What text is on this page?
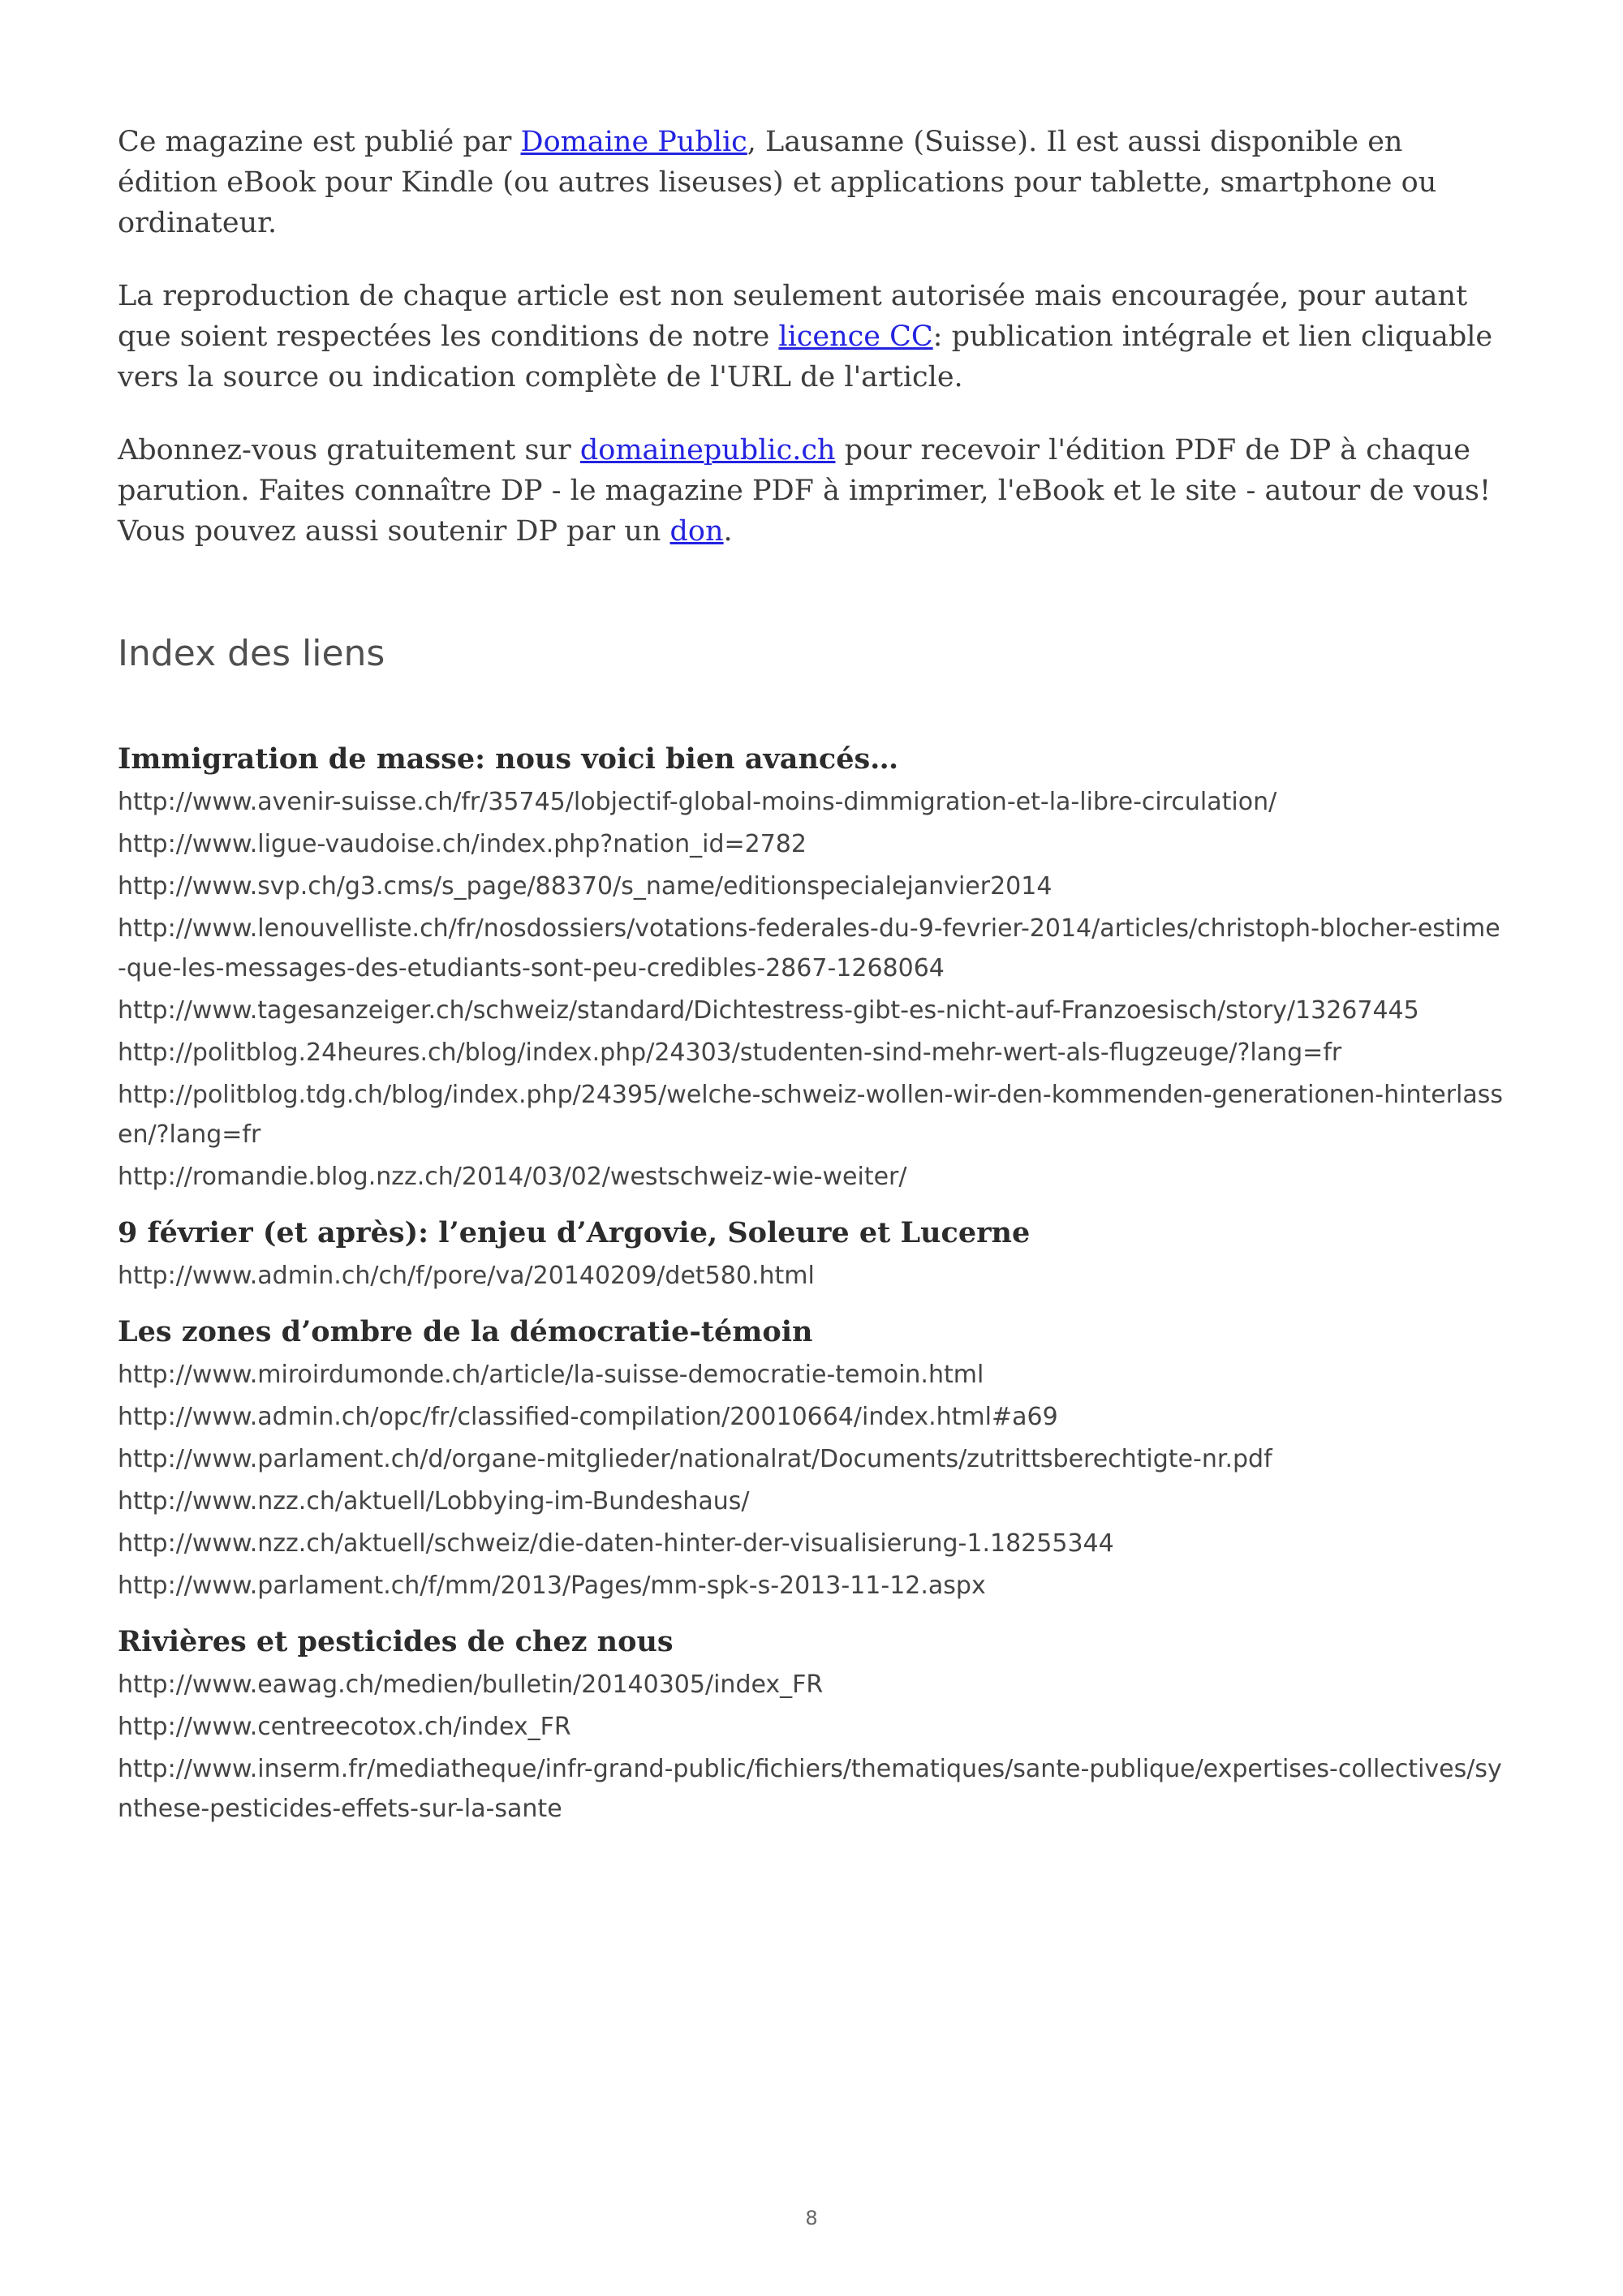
Ce magazine est publié par Domaine Public, Lausanne (Suisse). Il est aussi disponible en édition eBook pour Kindle (ou autres liseuses) et applications pour tablette, smartphone ou ordinateur.

La reproduction de chaque article est non seulement autorisée mais encouragée, pour autant que soient respectées les conditions de notre licence CC: publication intégrale et lien cliquable vers la source ou indication complète de l'URL de l'article.

Abonnez-vous gratuitement sur domainepublic.ch pour recevoir l'édition PDF de DP à chaque parution. Faites connaître DP - le magazine PDF à imprimer, l'eBook et le site - autour de vous! Vous pouvez aussi soutenir DP par un don.

Index des liens
Immigration de masse: nous voici bien avancés…
http://www.avenir-suisse.ch/fr/35745/lobjectif-global-moins-dimmigration-et-la-libre-circulation/
http://www.ligue-vaudoise.ch/index.php?nation_id=2782
http://www.svp.ch/g3.cms/s_page/88370/s_name/editionspecialejanvier2014
http://www.lenouvelliste.ch/fr/nosdossiers/votations-federales-du-9-fevrier-2014/articles/christoph-blocher-estime-que-les-messages-des-etudiants-sont-peu-credibles-2867-1268064
http://www.tagesanzeiger.ch/schweiz/standard/Dichtestress-gibt-es-nicht-auf-Franzoesisch/story/13267445
http://politblog.24heures.ch/blog/index.php/24303/studenten-sind-mehr-wert-als-flugzeuge/?lang=fr
http://politblog.tdg.ch/blog/index.php/24395/welche-schweiz-wollen-wir-den-kommenden-generationen-hinterlassen/?lang=fr
http://romandie.blog.nzz.ch/2014/03/02/westschweiz-wie-weiter/
9 février (et après): l’enjeu d’Argovie, Soleure et Lucerne
http://www.admin.ch/ch/f/pore/va/20140209/det580.html
Les zones d’ombre de la démocratie-témoin
http://www.miroirdumonde.ch/article/la-suisse-democratie-temoin.html
http://www.admin.ch/opc/fr/classified-compilation/20010664/index.html#a69
http://www.parlament.ch/d/organe-mitglieder/nationalrat/Documents/zutrittsberechtigte-nr.pdf
http://www.nzz.ch/aktuell/Lobbying-im-Bundeshaus/
http://www.nzz.ch/aktuell/schweiz/die-daten-hinter-der-visualisierung-1.18255344
http://www.parlament.ch/f/mm/2013/Pages/mm-spk-s-2013-11-12.aspx
Rivières et pesticides de chez nous
http://www.eawag.ch/medien/bulletin/20140305/index_FR
http://www.centreecotox.ch/index_FR
http://www.inserm.fr/mediatheque/infr-grand-public/fichiers/thematiques/sante-publique/expertises-collectives/synthese-pesticides-effets-sur-la-sante
8
